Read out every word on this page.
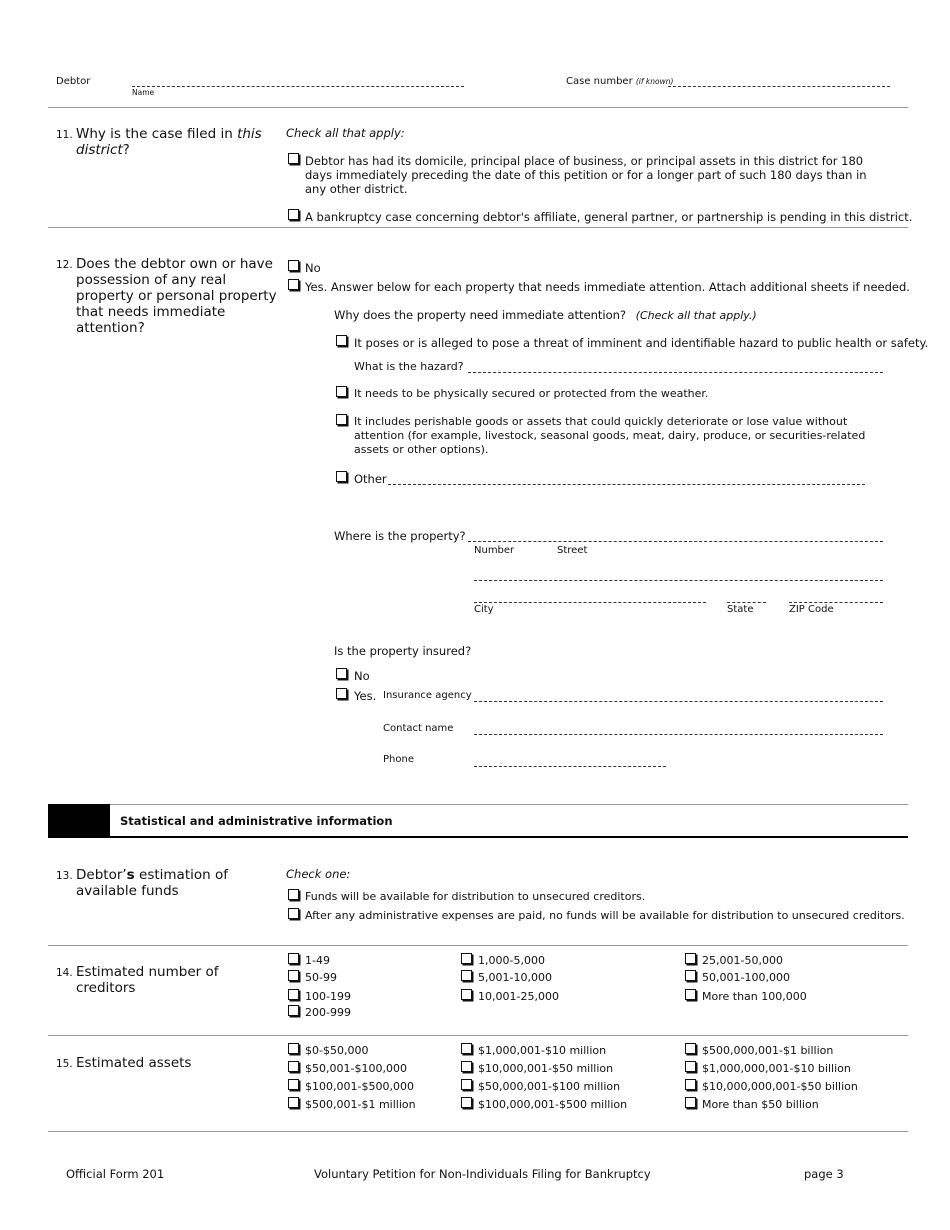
Debtor
Name
Case number (if known)
11. Why is the case filed in this district?
Check all that apply:
Debtor has had its domicile, principal place of business, or principal assets in this district for 180 days immediately preceding the date of this petition or for a longer part of such 180 days than in any other district.
A bankruptcy case concerning debtor's affiliate, general partner, or partnership is pending in this district.
12. Does the debtor own or have possession of any real property or personal property that needs immediate attention?
No
Yes. Answer below for each property that needs immediate attention. Attach additional sheets if needed.
Why does the property need immediate attention? (Check all that apply.)
It poses or is alleged to pose a threat of imminent and identifiable hazard to public health or safety.
What is the hazard?
It needs to be physically secured or protected from the weather.
It includes perishable goods or assets that could quickly deteriorate or lose value without attention (for example, livestock, seasonal goods, meat, dairy, produce, or securities-related assets or other options).
Other
Where is the property?
Number	Street
City	State	ZIP Code
Is the property insured?
No
Yes. Insurance agency
Contact name
Phone
Statistical and administrative information
13. Debtor’s estimation of available funds
Check one:
Funds will be available for distribution to unsecured creditors.
After any administrative expenses are paid, no funds will be available for distribution to unsecured creditors.
14. Estimated number of creditors
1-49
50-99
100-199
200-999
1,000-5,000
5,001-10,000
10,001-25,000
25,001-50,000
50,001-100,000
More than 100,000
15. Estimated assets
$0-$50,000
$50,001-$100,000
$100,001-$500,000
$500,001-$1 million
$1,000,001-$10 million
$10,000,001-$50 million
$50,000,001-$100 million
$100,000,001-$500 million
$500,000,001-$1 billion
$1,000,000,001-$10 billion
$10,000,000,001-$50 billion
More than $50 billion
Official Form 201	Voluntary Petition for Non-Individuals Filing for Bankruptcy	page 3
